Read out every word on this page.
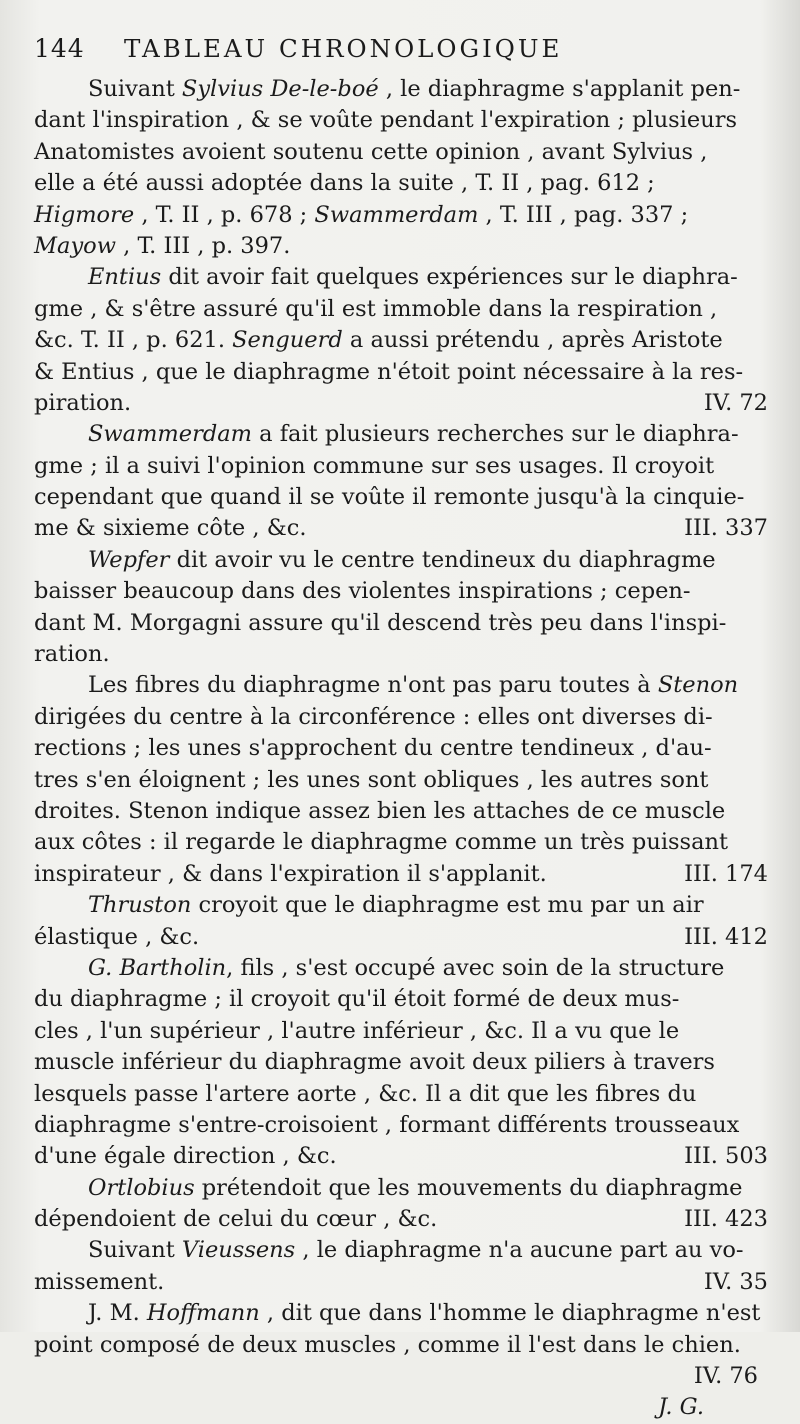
144	TABLEAU CHRONOLOGIQUE
Suivant Sylvius De-le-boé , le diaphragme s'applanit pen-
dant l'inspiration , & se voûte pendant l'expiration ; plusieurs
Anatomistes avoient soutenu cette opinion , avant Sylvius ,
elle a été aussi adoptée dans la suite , T. II , pag. 612 ;
Higmore , T. II , p. 678 ; Swammerdam , T. III , pag. 337 ;
Mayow , T. III , p. 397.
Entius dit avoir fait quelques expériences sur le diaphra-
gme , & s'être assuré qu'il est immoble dans la respiration ,
&c. T. II , p. 621. Senguerd a aussi prétendu , après Aristote
& Entius , que le diaphragme n'étoit point nécessaire à la res-
piration.	IV. 72
Swammerdam a fait plusieurs recherches sur le diaphra-
gme ; il a suivi l'opinion commune sur ses usages. Il croyoit
cependant que quand il se voûte il remonte jusqu'à la cinquie-
me & sixieme côte , &c.	III. 337
Wepfer dit avoir vu le centre tendineux du diaphragme
baisser beaucoup dans des violentes inspirations ; cepen-
dant M. Morgagni assure qu'il descend très peu dans l'inspi-
ration.
Les fibres du diaphragme n'ont pas paru toutes à Stenon
dirigées du centre à la circonférence : elles ont diverses di-
rections ; les unes s'approchent du centre tendineux , d'au-
tres s'en éloignent ; les unes sont obliques , les autres sont
droites. Stenon indique assez bien les attaches de ce muscle
aux côtes : il regarde le diaphragme comme un très puissant
inspirateur , & dans l'expiration il s'applanit.	III. 174
Thruston croyoit que le diaphragme est mu par un air
élastique , &c.	III. 412
G. Bartholin, fils , s'est occupé avec soin de la structure
du diaphragme ; il croyoit qu'il étoit formé de deux mus-
cles , l'un supérieur , l'autre inférieur , &c. Il a vu que le
muscle inférieur du diaphragme avoit deux piliers à travers
lesquels passe l'artere aorte , &c. Il a dit que les fibres du
diaphragme s'entre-croisoient , formant différents trousseaux
d'une égale direction , &c.	III. 503
Ortlobius prétendoit que les mouvements du diaphragme
dépendoient de celui du cœur , &c.	III. 423
Suivant Vieussens , le diaphragme n'a aucune part au vo-
missement.	IV. 35
J. M. Hoffmann , dit que dans l'homme le diaphragme n'est
point composé de deux muscles , comme il l'est dans le chien.
IV. 76
J. G.
